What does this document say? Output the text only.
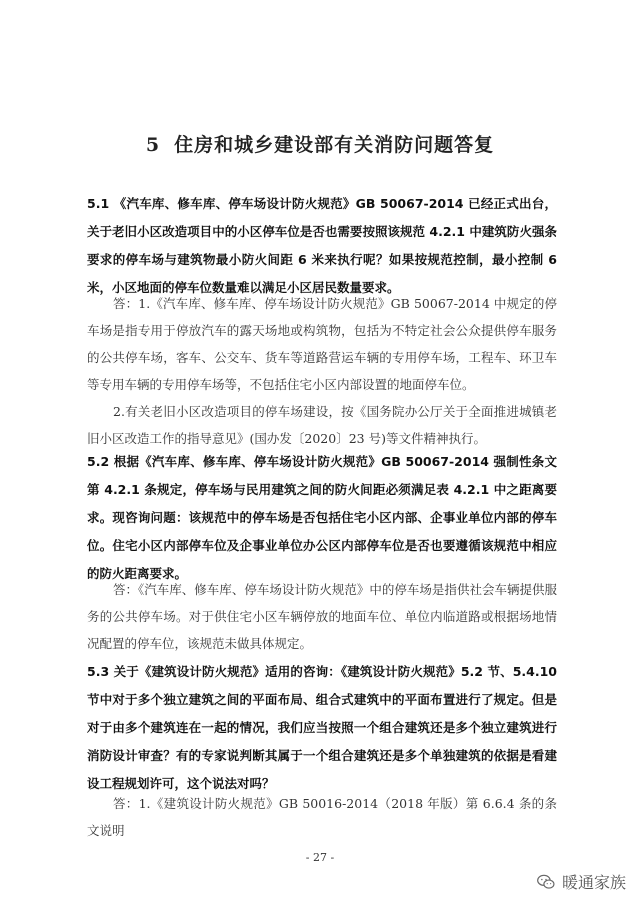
5 住房和城乡建设部有关消防问题答复

5.1 《汽车库、修车库、停车场设计防火规范》GB 50067-2014 已经正式出台，关于老旧小区改造项目中的小区停车位是否也需要按照该规范 4.2.1 中建筑防火强条要求的停车场与建筑物最小防火间距 6 米来执行呢？如果按规范控制，最小控制 6 米，小区地面的停车位数量难以满足小区居民数量要求。

答：1.《汽车库、修车库、停车场设计防火规范》GB 50067-2014 中规定的停车场是指专用于停放汽车的露天场地或构筑物，包括为不特定社会公众提供停车服务的公共停车场，客车、公交车、货车等道路营运车辆的专用停车场，工程车、环卫车等专用车辆的专用停车场等，不包括住宅小区内部设置的地面停车位。

2.有关老旧小区改造项目的停车场建设，按《国务院办公厅关于全面推进城镇老旧小区改造工作的指导意见》(国办发〔2020〕23 号)等文件精神执行。

5.2 根据《汽车库、修车库、停车场设计防火规范》GB 50067-2014 强制性条文第 4.2.1 条规定，停车场与民用建筑之间的防火间距必须满足表 4.2.1 中之距离要求。现咨询问题：该规范中的停车场是否包括住宅小区内部、企事业单位内部的停车位。住宅小区内部停车位及企事业单位办公区内部停车位是否也要遵循该规范中相应的防火距离要求。

答：《汽车库、修车库、停车场设计防火规范》中的停车场是指供社会车辆提供服务的公共停车场。对于供住宅小区车辆停放的地面车位、单位内临道路或根据场地情况配置的停车位，该规范未做具体规定。

5.3 关于《建筑设计防火规范》适用的咨询：《建筑设计防火规范》5.2 节、5.4.10 节中对于多个独立建筑之间的平面布局、组合式建筑中的平面布置进行了规定。但是对于由多个建筑连在一起的情况，我们应当按照一个组合建筑还是多个独立建筑进行消防设计审查？有的专家说判断其属于一个组合建筑还是多个单独建筑的依据是看建设工程规划许可，这个说法对吗？

答：1.《建筑设计防火规范》GB 50016-2014（2018 年版）第 6.6.4 条的条文说明

- 27 -
暖通家族
